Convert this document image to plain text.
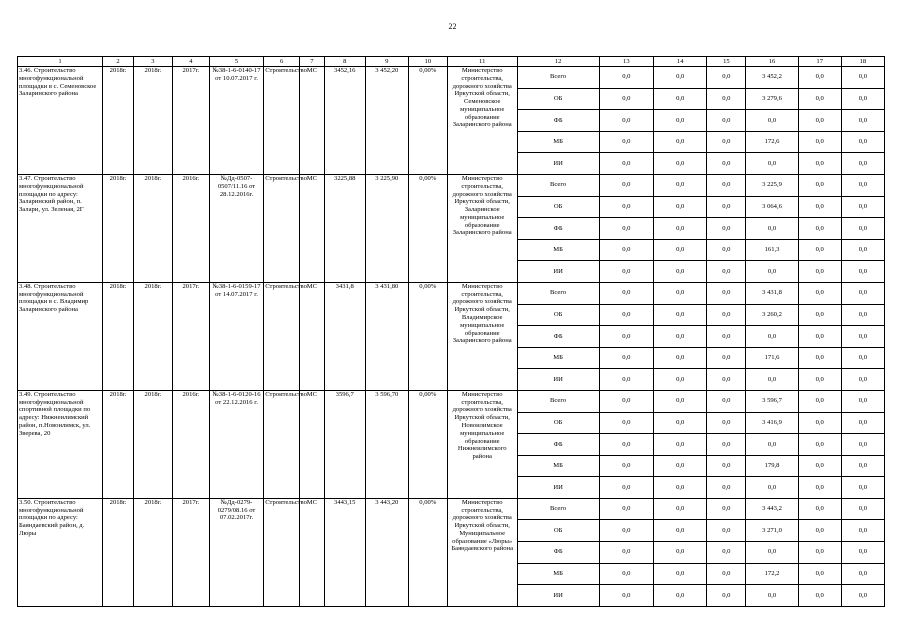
22
1	2	3	4	5	6	7	8	9	10	11	12	13	14	15	16	17	18
3.46. Строительство многофункциональной площадки в с. Семеновское Заларинского района	2018г.	2018г.	2017г.	№38-1-6-0140-17 от 10.07.2017 г.	Строительство	МС	3452,16	3 452,20	0,00%	Министерство строительства, дорожного хозяйства Иркутской области, Семеновское муниципальное образование Заларинского района	Всего	0,0	0,0	0,0	3 452,2	0,0	0,0
											ОБ	0,0	0,0	0,0	3 279,6	0,0	0,0
											ФБ	0,0	0,0	0,0	0,0	0,0	0,0
											МБ	0,0	0,0	0,0	172,6	0,0	0,0
											ИИ	0,0	0,0	0,0	0,0	0,0	0,0
3.47. Строительство многофункциональной площадки по адресу: Заларинский район, п. Залари, ул. Зеленая, 2Г	2018г.	2018г.	2016г.	№Дд-0507-0507/11.16 от 28.12.2016г.	Строительство	МС	3225,88	3 225,90	0,00%	Министерство строительства, дорожного хозяйства Иркутской области, Заларинское муниципальное образование Заларинского района	Всего	0,0	0,0	0,0	3 225,9	0,0	0,0
											ОБ	0,0	0,0	0,0	3 064,6	0,0	0,0
											ФБ	0,0	0,0	0,0	0,0	0,0	0,0
											МБ	0,0	0,0	0,0	161,3	0,0	0,0
											ИИ	0,0	0,0	0,0	0,0	0,0	0,0
3.48. Строительство многофункциональной площадки в с. Владимир Заларинского района	2018г.	2018г.	2017г.	№38-1-6-0159-17 от 14.07.2017 г.	Строительство	МС	3431,8	3 431,80	0,00%	Министерство строительства, дорожного хозяйства Иркутской области, Владимирское муниципальное образование Заларинского района	Всего	0,0	0,0	0,0	3 431,8	0,0	0,0
											ОБ	0,0	0,0	0,0	3 260,2	0,0	0,0
											ФБ	0,0	0,0	0,0	0,0	0,0	0,0
											МБ	0,0	0,0	0,0	171,6	0,0	0,0
											ИИ	0,0	0,0	0,0	0,0	0,0	0,0
3.49. Строительство многофункциональной спортивной площадки по адресу: Нижнеилимский район, п.Новоилимск, ул. Зверева, 20	2018г.	2018г.	2016г.	№38-1-6-0120-16 от 22.12.2016 г.	Строительство	МС	3596,7	3 596,70	0,00%	Министерство строительства, дорожного хозяйства Иркутской области, Новоилимское муниципальное образование Нижнеилимского района	Всего	0,0	0,0	0,0	3 596,7	0,0	0,0
											ОБ	0,0	0,0	0,0	3 416,9	0,0	0,0
											ФБ	0,0	0,0	0,0	0,0	0,0	0,0
											МБ	0,0	0,0	0,0	179,8	0,0	0,0
											ИИ	0,0	0,0	0,0	0,0	0,0	0,0
3.50. Строительство многофункциональной площадки по адресу: Баяндаевский район, д. Люры	2018г.	2018г.	2017г.	№Дд-0279-0279/08.16 от 07.02.2017г.	Строительство	МС	3443,15	3 443,20	0,00%	Министерство строительства, дорожного хозяйства Иркутской области, Муниципальное образование «Люры» Баяндаевского района	Всего	0,0	0,0	0,0	3 443,2	0,0	0,0
											ОБ	0,0	0,0	0,0	3 271,0	0,0	0,0
											ФБ	0,0	0,0	0,0	0,0	0,0	0,0
											МБ	0,0	0,0	0,0	172,2	0,0	0,0
											ИИ	0,0	0,0	0,0	0,0	0,0	0,0
